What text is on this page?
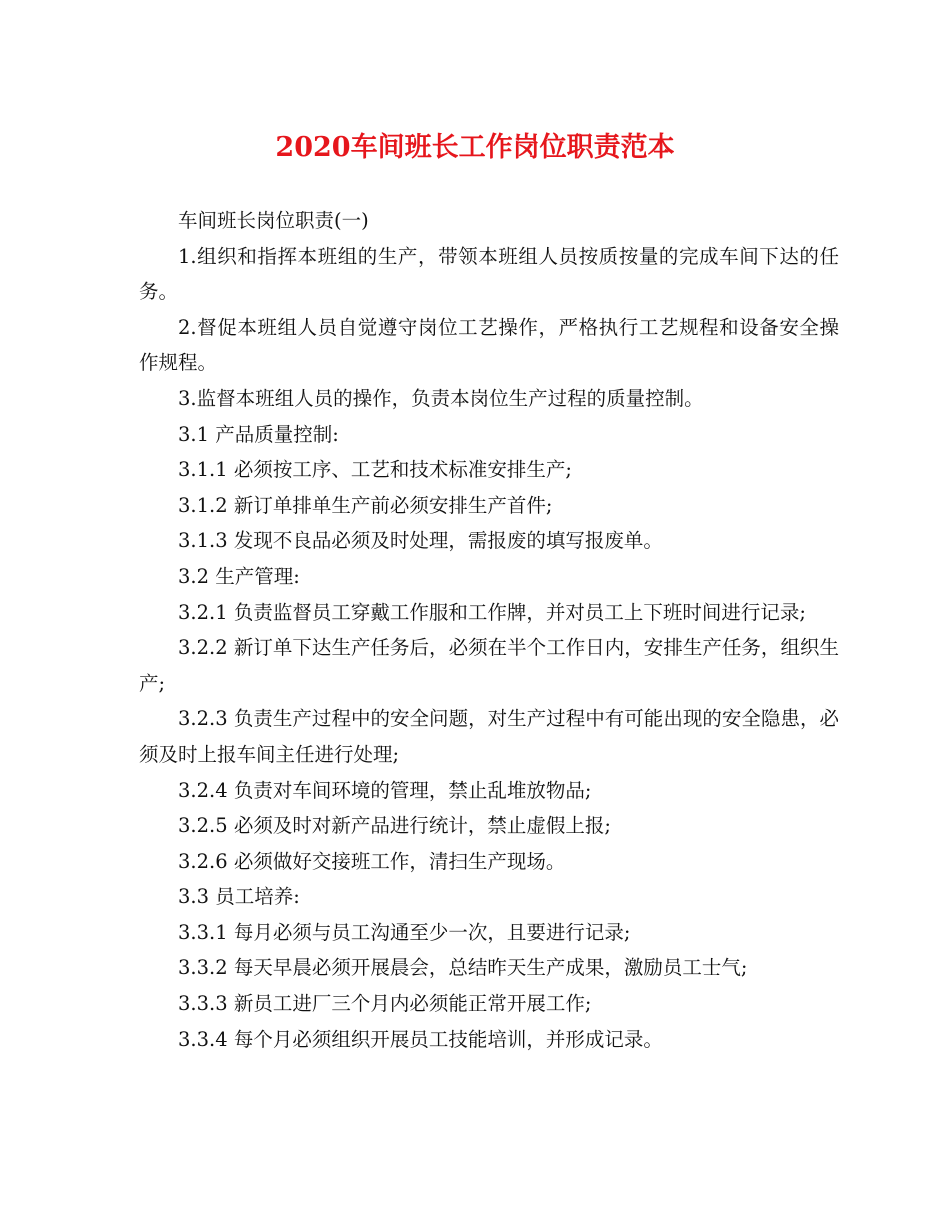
2020车间班长工作岗位职责范本

车间班长岗位职责(一)

1.组织和指挥本班组的生产，带领本班组人员按质按量的完成车间下达的任务。

2.督促本班组人员自觉遵守岗位工艺操作，严格执行工艺规程和设备安全操作规程。

3.监督本班组人员的操作，负责本岗位生产过程的质量控制。

3.1 产品质量控制:

3.1.1 必须按工序、工艺和技术标准安排生产;

3.1.2 新订单排单生产前必须安排生产首件;

3.1.3 发现不良品必须及时处理，需报废的填写报废单。

3.2 生产管理:

3.2.1 负责监督员工穿戴工作服和工作牌，并对员工上下班时间进行记录;

3.2.2 新订单下达生产任务后，必须在半个工作日内，安排生产任务，组织生产;

3.2.3 负责生产过程中的安全问题，对生产过程中有可能出现的安全隐患，必须及时上报车间主任进行处理;

3.2.4 负责对车间环境的管理，禁止乱堆放物品;

3.2.5 必须及时对新产品进行统计，禁止虚假上报;

3.2.6 必须做好交接班工作，清扫生产现场。

3.3 员工培养:

3.3.1 每月必须与员工沟通至少一次，且要进行记录;

3.3.2 每天早晨必须开展晨会，总结昨天生产成果，激励员工士气;

3.3.3 新员工进厂三个月内必须能正常开展工作;

3.3.4 每个月必须组织开展员工技能培训，并形成记录。
